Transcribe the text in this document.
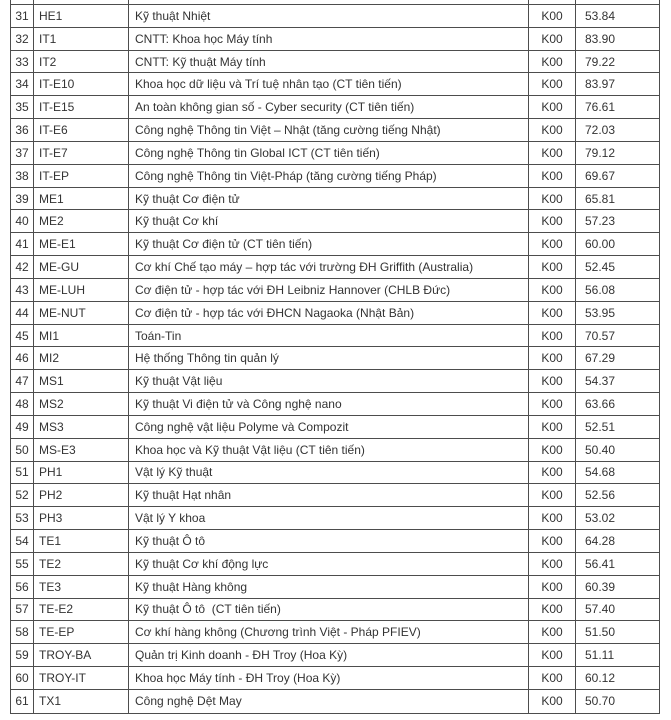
31 HE1	Kỹ thuật Nhiệt	K00	53.84
32 IT1	CNTT: Khoa học Máy tính	K00	83.90
33 IT2	CNTT: Kỹ thuật Máy tính	K00	79.22
34 IT-E10	Khoa học dữ liệu và Trí tuệ nhân tạo (CT tiên tiến)	K00	83.97
35 IT-E15	An toàn không gian số - Cyber security (CT tiên tiến)	K00	76.61
36 IT-E6	Công nghệ Thông tin Việt – Nhật (tăng cường tiếng Nhật)	K00	72.03
37 IT-E7	Công nghệ Thông tin Global ICT (CT tiên tiến)	K00	79.12
38 IT-EP	Công nghệ Thông tin Việt-Pháp (tăng cường tiếng Pháp)	K00	69.67
39 ME1	Kỹ thuật Cơ điện tử	K00	65.81
40 ME2	Kỹ thuật Cơ khí	K00	57.23
41 ME-E1	Kỹ thuật Cơ điện tử (CT tiên tiến)	K00	60.00
42 ME-GU	Cơ khí Chế tạo máy – hợp tác với trường ĐH Griffith (Australia)	K00	52.45
43 ME-LUH	Cơ điện tử - hợp tác với ĐH Leibniz Hannover (CHLB Đức)	K00	56.08
44 ME-NUT	Cơ điện tử - hợp tác với ĐHCN Nagaoka (Nhật Bản)	K00	53.95
45 MI1	Toán-Tin	K00	70.57
46 MI2	Hệ thống Thông tin quản lý	K00	67.29
47 MS1	Kỹ thuật Vật liệu	K00	54.37
48 MS2	Kỹ thuật Vi điện tử và Công nghệ nano	K00	63.66
49 MS3	Công nghệ vật liệu Polyme và Compozit	K00	52.51
50 MS-E3	Khoa học và Kỹ thuật Vật liệu (CT tiên tiến)	K00	50.40
51 PH1	Vật lý Kỹ thuật	K00	54.68
52 PH2	Kỹ thuật Hạt nhân	K00	52.56
53 PH3	Vật lý Y khoa	K00	53.02
54 TE1	Kỹ thuật Ô tô	K00	64.28
55 TE2	Kỹ thuật Cơ khí động lực	K00	56.41
56 TE3	Kỹ thuật Hàng không	K00	60.39
57 TE-E2	Kỹ thuật Ô tô  (CT tiên tiến)	K00	57.40
58 TE-EP	Cơ khí hàng không (Chương trình Việt - Pháp PFIEV)	K00	51.50
59 TROY-BA	Quản trị Kinh doanh - ĐH Troy (Hoa Kỳ)	K00	51.11
60 TROY-IT	Khoa học Máy tính - ĐH Troy (Hoa Kỳ)	K00	60.12
61 TX1	Công nghệ Dệt May	K00	50.70
